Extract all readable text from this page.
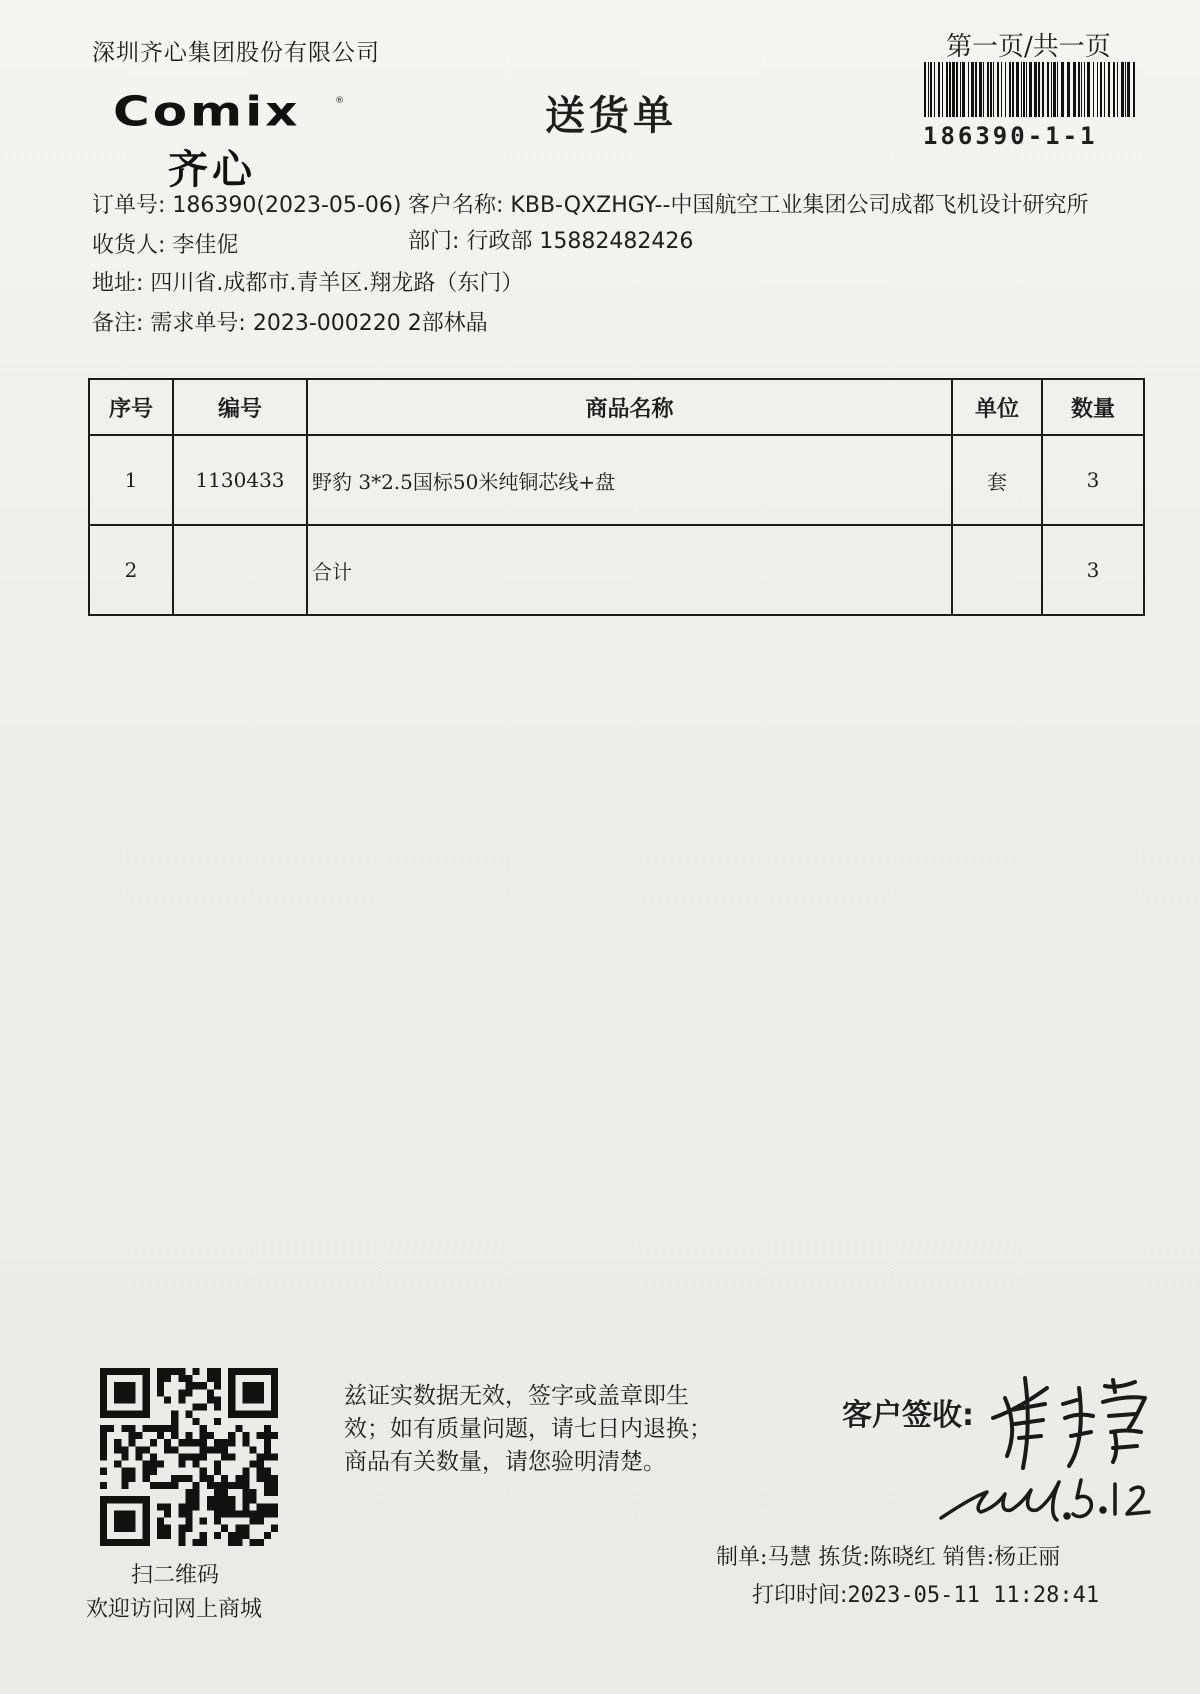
深圳齐心集团股份有限公司
Comix	®
齐心
送货单
第一页/共一页
186390-1-1
订单号: 186390(2023-05-06) 客户名称: KBB-QXZHGY--中国航空工业集团公司成都飞机设计研究所
收货人: 李佳伲	部门: 行政部 15882482426
地址: 四川省.成都市.青羊区.翔龙路（东门）
备注: 需求单号: 2023-000220 2部林晶
序号	编号	商品名称	单位	数量
1	1130433	野豹 3*2.5国标50米纯铜芯线+盘	套	3
2		合计		3
扫二维码
欢迎访问网上商城
兹证实数据无效，签字或盖章即生
效；如有质量问题，请七日内退换；
商品有关数量，请您验明清楚。
客户签收:
制单:马慧 拣货:陈晓红 销售:杨正丽
打印时间:2023-05-11 11:28:41
